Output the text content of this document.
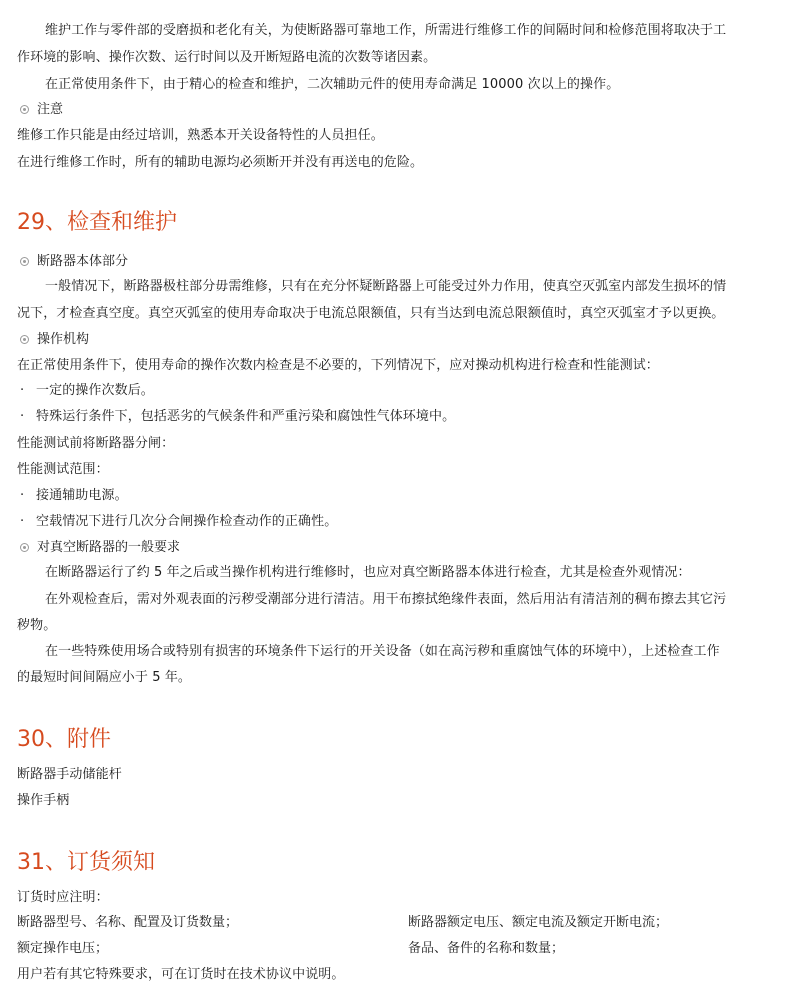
维护工作与零件部的受磨损和老化有关，为使断路器可靠地工作，所需进行维修工作的间隔时间和检修范围将取决于工
作环境的影响、操作次数、运行时间以及开断短路电流的次数等诸因素。
在正常使用条件下，由于精心的检查和维护，二次辅助元件的使用寿命满足 10000 次以上的操作。
注意
维修工作只能是由经过培训，熟悉本开关设备特性的人员担任。
在进行维修工作时，所有的辅助电源均必须断开并没有再送电的危险。
29、检查和维护
断路器本体部分
一般情况下，断路器极柱部分毋需维修，只有在充分怀疑断路器上可能受过外力作用，使真空灭弧室内部发生损坏的情
况下，才检查真空度。真空灭弧室的使用寿命取决于电流总限额值，只有当达到电流总限额值时，真空灭弧室才予以更换。
操作机构
在正常使用条件下，使用寿命的操作次数内检查是不必要的，下列情况下，应对操动机构进行检查和性能测试：
· 一定的操作次数后。
· 特殊运行条件下，包括恶劣的气候条件和严重污染和腐蚀性气体环境中。
性能测试前将断路器分闸：
性能测试范围：
· 接通辅助电源。
· 空载情况下进行几次分合闸操作检查动作的正确性。
对真空断路器的一般要求
在断路器运行了约 5 年之后或当操作机构进行维修时，也应对真空断路器本体进行检查，尤其是检查外观情况：
在外观检查后，需对外观表面的污秽受潮部分进行清洁。用干布擦拭绝缘件表面，然后用沾有清洁剂的稠布擦去其它污
秽物。
在一些特殊使用场合或特别有损害的环境条件下运行的开关设备（如在高污秽和重腐蚀气体的环境中），上述检查工作
的最短时间间隔应小于 5 年。
30、附件
断路器手动储能杆
操作手柄
31、订货须知
订货时应注明：
断路器型号、名称、配置及订货数量；	断路器额定电压、额定电流及额定开断电流；
额定操作电压；	备品、备件的名称和数量；
用户若有其它特殊要求，可在订货时在技术协议中说明。
